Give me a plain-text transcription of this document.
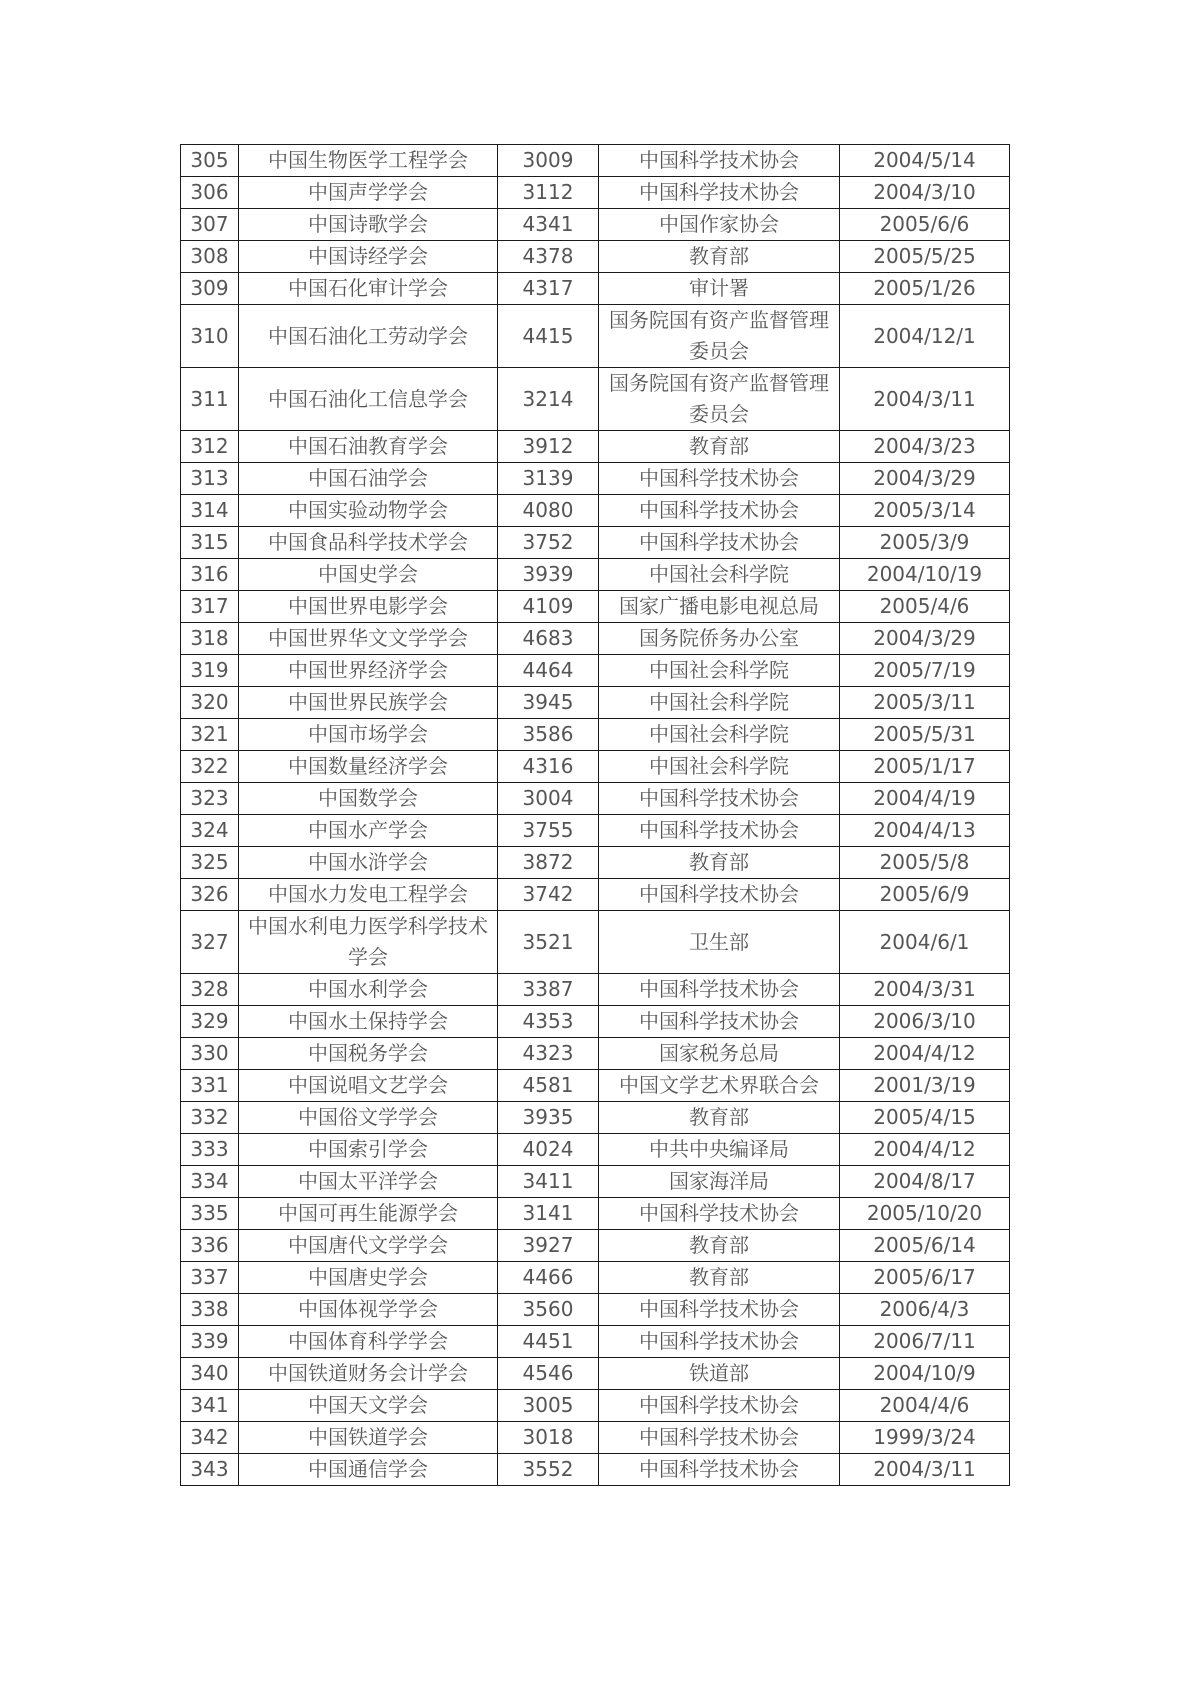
305	中国生物医学工程学会	3009	中国科学技术协会	2004/5/14
306	中国声学学会	3112	中国科学技术协会	2004/3/10
307	中国诗歌学会	4341	中国作家协会	2005/6/6
308	中国诗经学会	4378	教育部	2005/5/25
309	中国石化审计学会	4317	审计署	2005/1/26
310	中国石油化工劳动学会	4415	国务院国有资产监督管理委员会	2004/12/1
311	中国石油化工信息学会	3214	国务院国有资产监督管理委员会	2004/3/11
312	中国石油教育学会	3912	教育部	2004/3/23
313	中国石油学会	3139	中国科学技术协会	2004/3/29
314	中国实验动物学会	4080	中国科学技术协会	2005/3/14
315	中国食品科学技术学会	3752	中国科学技术协会	2005/3/9
316	中国史学会	3939	中国社会科学院	2004/10/19
317	中国世界电影学会	4109	国家广播电影电视总局	2005/4/6
318	中国世界华文文学学会	4683	国务院侨务办公室	2004/3/29
319	中国世界经济学会	4464	中国社会科学院	2005/7/19
320	中国世界民族学会	3945	中国社会科学院	2005/3/11
321	中国市场学会	3586	中国社会科学院	2005/5/31
322	中国数量经济学会	4316	中国社会科学院	2005/1/17
323	中国数学会	3004	中国科学技术协会	2004/4/19
324	中国水产学会	3755	中国科学技术协会	2004/4/13
325	中国水浒学会	3872	教育部	2005/5/8
326	中国水力发电工程学会	3742	中国科学技术协会	2005/6/9
327	中国水利电力医学科学技术学会	3521	卫生部	2004/6/1
328	中国水利学会	3387	中国科学技术协会	2004/3/31
329	中国水土保持学会	4353	中国科学技术协会	2006/3/10
330	中国税务学会	4323	国家税务总局	2004/4/12
331	中国说唱文艺学会	4581	中国文学艺术界联合会	2001/3/19
332	中国俗文学学会	3935	教育部	2005/4/15
333	中国索引学会	4024	中共中央编译局	2004/4/12
334	中国太平洋学会	3411	国家海洋局	2004/8/17
335	中国可再生能源学会	3141	中国科学技术协会	2005/10/20
336	中国唐代文学学会	3927	教育部	2005/6/14
337	中国唐史学会	4466	教育部	2005/6/17
338	中国体视学学会	3560	中国科学技术协会	2006/4/3
339	中国体育科学学会	4451	中国科学技术协会	2006/7/11
340	中国铁道财务会计学会	4546	铁道部	2004/10/9
341	中国天文学会	3005	中国科学技术协会	2004/4/6
342	中国铁道学会	3018	中国科学技术协会	1999/3/24
343	中国通信学会	3552	中国科学技术协会	2004/3/11
